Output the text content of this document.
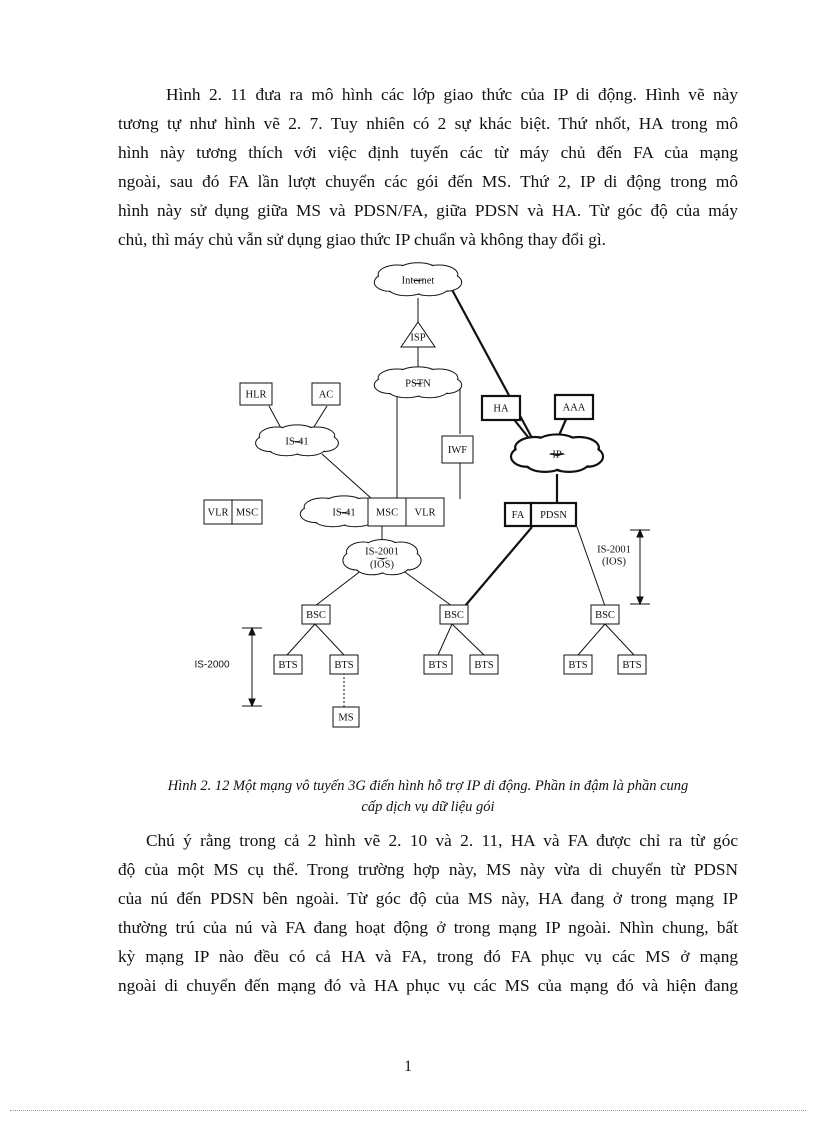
Hình 2. 11 đưa ra mô hình các lớp giao thức của IP di động. Hình vẽ này
tương tự như hình vẽ 2. 7. Tuy nhiên có 2 sự khác biệt. Thứ nhốt, HA trong mô
hình này tương thích với việc định tuyến các từ máy chủ đến FA của mạng
ngoài, sau đó FA lần lượt chuyển các gói đến MS. Thứ 2, IP di động trong mô
hình này sử dụng giữa MS và PDSN/FA, giữa PDSN và HA. Từ góc độ của máy
chủ, thì máy chủ vẫn sử dụng giao thức IP chuẩn và không thay đổi gì.
Internet
PSTN
IS-41
IS-41
IS-2001
(IOS)
IP
ISP
HLR	AC
IWF
VLR MSC	MSC VLR
HA	AAA
FA PDSN
BSC	BSC	BSC
BTS	BTS	BTS	BTS	BTS	BTS
MS
IS-2001
(IOS)
IS-2000
Hình 2. 12 Một mạng vô tuyến 3G điển hình hỗ trợ IP di động. Phần in đậm là phần cung
cấp dịch vụ dữ liệu gói
Chú ý rằng trong cả 2 hình vẽ 2. 10 và 2. 11, HA và FA được chỉ ra từ góc
độ của một MS cụ thể. Trong trường hợp này, MS này vừa di chuyển từ PDSN
của nú đến PDSN bên ngoài. Từ góc độ của MS này, HA đang ở trong mạng IP
thường trú của nú và FA đang hoạt động ở trong mạng IP ngoài. Nhìn chung, bất
kỳ mạng IP nào đều có cả HA và FA, trong đó FA phục vụ các MS ở mạng
ngoài di chuyển đến mạng đó và HA phục vụ các MS của mạng đó và hiện đang
1
